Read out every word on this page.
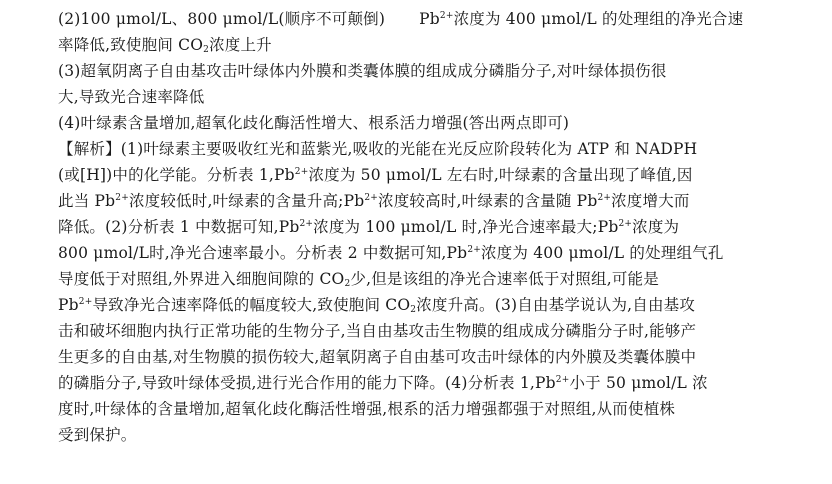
(2)100 μmol/L、800 μmol/L(顺序不可颠倒) $Pb^{2+}$浓度为 400 μmol/L 的处理组的净光合速
率降低,致使胞间 $CO_2$浓度上升
(3)超氧阴离子自由基攻击叶绿体内外膜和类囊体膜的组成成分磷脂分子,对叶绿体损伤很
大,导致光合速率降低
(4)叶绿素含量增加,超氧化歧化酶活性增大、根系活力增强(答出两点即可)
【解析】(1)叶绿素主要吸收红光和蓝紫光,吸收的光能在光反应阶段转化为 ATP 和 NADPH
(或[H])中的化学能。分析表 $1,Pb^{2+}$浓度为 50 μmol/L 左右时,叶绿素的含量出现了峰值,因
此当 $Pb^{2+}$浓度较低时,叶绿素的含量升高$;Pb^{2+}$浓度较高时,叶绿素的含量随 $Pb^{2+}$浓度增大而
降低。(2)分析表 1 中数据可知$,Pb^{2+}$浓度为 100 μmol/L 时,净光合速率最大$;Pb^{2+}$浓度为
800 μmol/L时,净光合速率最小。分析表 2 中数据可知$,Pb^{2+}$浓度为 400 μmol/L 的处理组气孔
导度低于对照组,外界进入细胞间隙的 $CO_2$少,但是该组的净光合速率低于对照组,可能是
$Pb^{2+}$导致净光合速率降低的幅度较大,致使胞间 $CO_2$浓度升高。(3)自由基学说认为,自由基攻
击和破坏细胞内执行正常功能的生物分子,当自由基攻击生物膜的组成成分磷脂分子时,能够产
生更多的自由基,对生物膜的损伤较大,超氧阴离子自由基可攻击叶绿体的内外膜及类囊体膜中
的磷脂分子,导致叶绿体受损,进行光合作用的能力下降。(4)分析表 $1,Pb^{2+}$小于 50 μmol/L 浓
度时,叶绿体的含量增加,超氧化歧化酶活性增强,根系的活力增强都强于对照组,从而使植株
受到保护。
